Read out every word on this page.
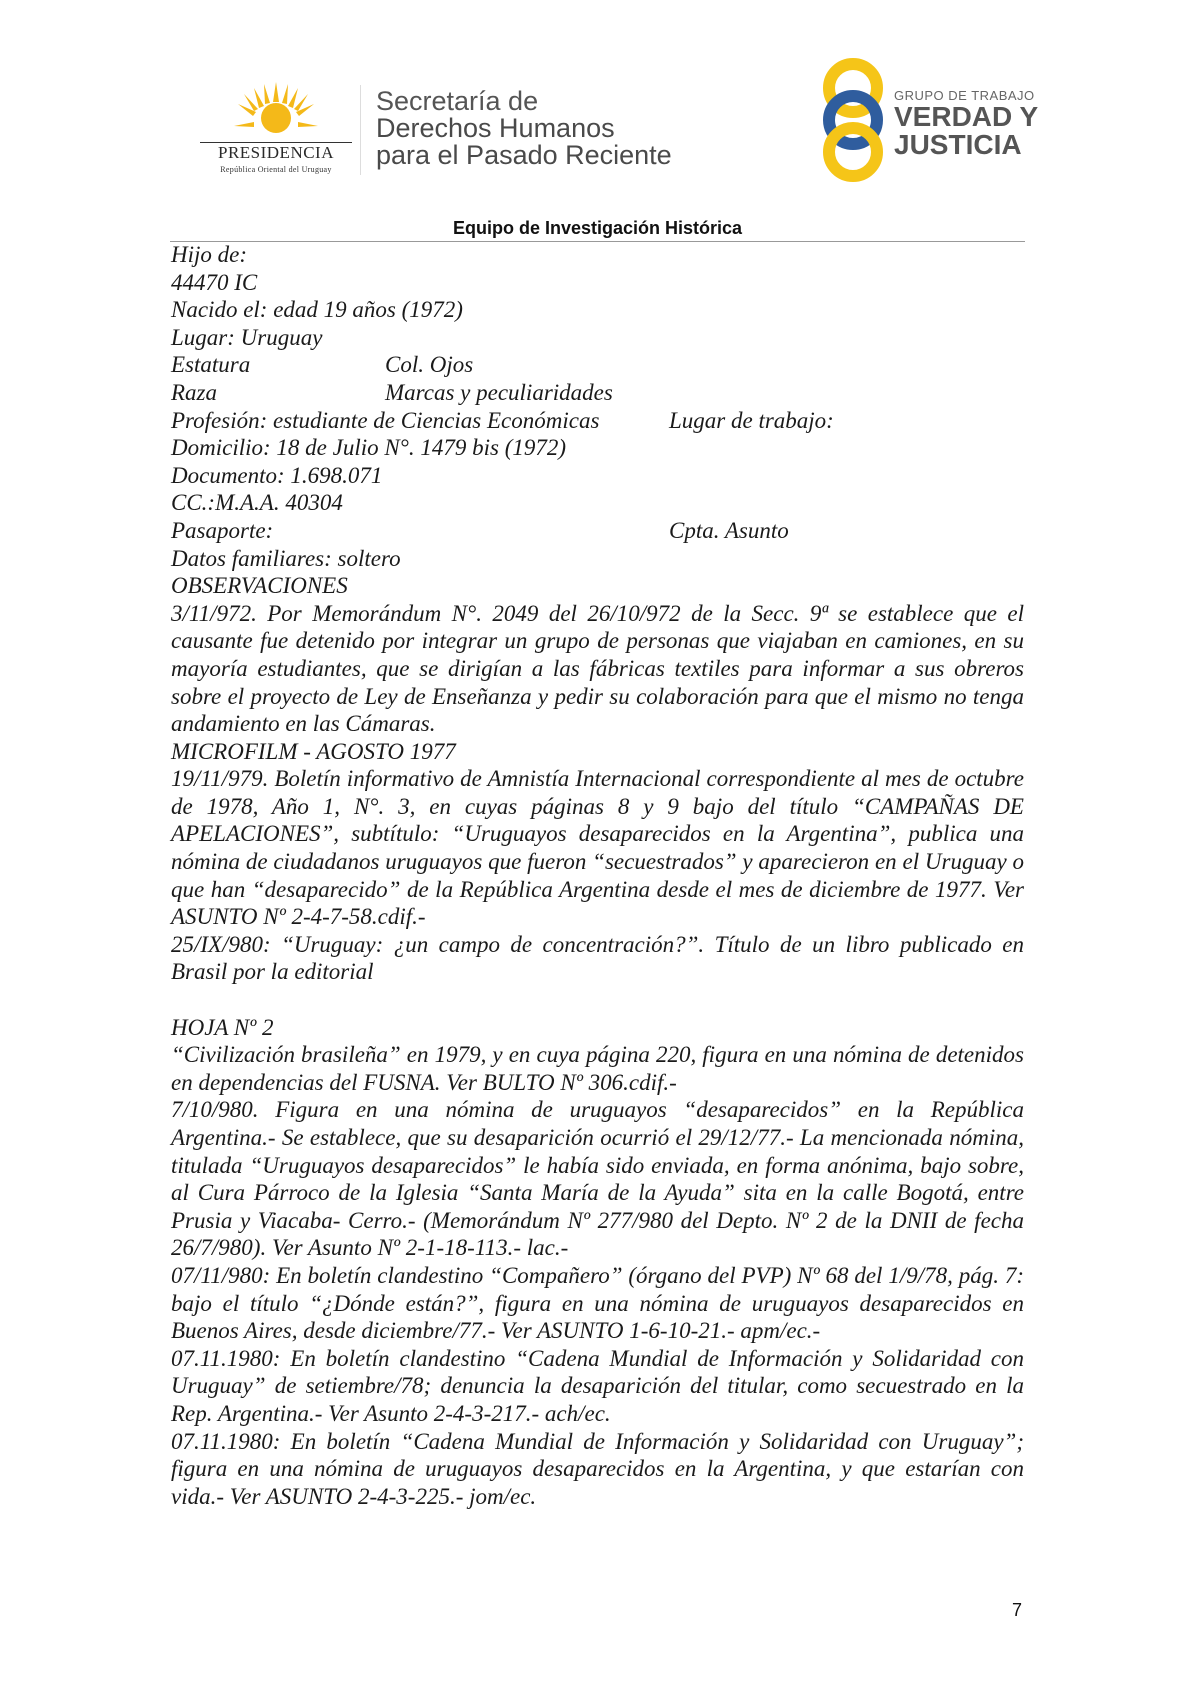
PRESIDENCIA
República Oriental del Uruguay
Secretaría de
Derechos Humanos
para el Pasado Reciente
GRUPO DE TRABAJO
VERDAD Y
JUSTICIA
Equipo de Investigación Histórica

Hijo de:

44470 IC

Nacido el: edad 19 años (1972)

Lugar: Uruguay

Estatura	Col. Ojos
Raza	Marcas y peculiaridades
Profesión: estudiante de Ciencias Económicas	Lugar de trabajo:

Domicilio: 18 de Julio N°. 1479 bis (1972)

Documento: 1.698.071

CC.:M.A.A. 40304

Pasaporte:	Cpta. Asunto

Datos familiares: soltero

OBSERVACIONES

3/11/972. Por Memorándum N°. 2049 del 26/10/972 de la Secc. 9ª se establece que el causante fue detenido por integrar un grupo de personas que viajaban en camiones, en su mayoría estudiantes, que se dirigían a las fábricas textiles para informar a sus obreros sobre el proyecto de Ley de Enseñanza y pedir su colaboración para que el mismo no tenga andamiento en las Cámaras.

MICROFILM - AGOSTO 1977

19/11/979. Boletín informativo de Amnistía Internacional correspondiente al mes de octubre de 1978, Año 1, N°. 3, en cuyas páginas 8 y 9 bajo del título “CAMPAÑAS DE APELACIONES”, subtítulo: “Uruguayos desaparecidos en la Argentina”, publica una nómina de ciudadanos uruguayos que fueron “secuestrados” y aparecieron en el Uruguay o que han “desaparecido” de la República Argentina desde el mes de diciembre de 1977. Ver ASUNTO Nº 2-4-7-58.cdif.-

25/IX/980: “Uruguay: ¿un campo de concentración?”. Título de un libro publicado en Brasil por la editorial

HOJA Nº 2

“Civilización brasileña” en 1979, y en cuya página 220, figura en una nómina de detenidos en dependencias del FUSNA. Ver BULTO Nº 306.cdif.-

7/10/980. Figura en una nómina de uruguayos “desaparecidos” en la República Argentina.- Se establece, que su desaparición ocurrió el 29/12/77.- La mencionada nómina, titulada “Uruguayos desaparecidos” le había sido enviada, en forma anónima, bajo sobre, al Cura Párroco de la Iglesia “Santa María de la Ayuda” sita en la calle Bogotá, entre Prusia y Viacaba- Cerro.- (Memorándum Nº 277/980 del Depto. Nº 2 de la DNII de fecha 26/7/980). Ver Asunto Nº 2-1-18-113.- lac.-

07/11/980: En boletín clandestino “Compañero” (órgano del PVP) Nº 68 del 1/9/78, pág. 7: bajo el título “¿Dónde están?”, figura en una nómina de uruguayos desaparecidos en Buenos Aires, desde diciembre/77.- Ver ASUNTO 1-6-10-21.- apm/ec.-

07.11.1980: En boletín clandestino “Cadena Mundial de Información y Solidaridad con Uruguay” de setiembre/78; denuncia la desaparición del titular, como secuestrado en la Rep. Argentina.- Ver Asunto 2-4-3-217.- ach/ec.

07.11.1980: En boletín “Cadena Mundial de Información y Solidaridad con Uruguay”; figura en una nómina de uruguayos desaparecidos en la Argentina, y que estarían con vida.- Ver ASUNTO 2-4-3-225.- jom/ec.

7
